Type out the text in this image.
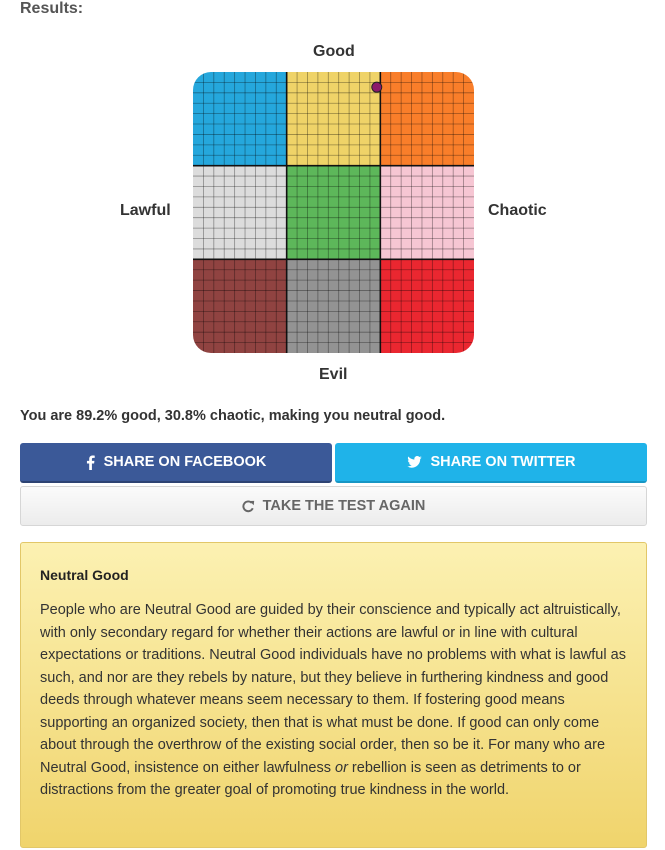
Results:
Good
Lawful	Chaotic
Evil
You are 89.2% good, 30.8% chaotic, making you neutral good.
SHARE ON FACEBOOK	SHARE ON TWITTER
TAKE THE TEST AGAIN
Neutral Good

People who are Neutral Good are guided by their conscience and typically act altruistically, with only secondary regard for whether their actions are lawful or in line with cultural expectations or traditions. Neutral Good individuals have no problems with what is lawful as such, and nor are they rebels by nature, but they believe in furthering kindness and good deeds through whatever means seem necessary to them. If fostering good means supporting an organized society, then that is what must be done. If good can only come about through the overthrow of the existing social order, then so be it. For many who are Neutral Good, insistence on either lawfulness or rebellion is seen as detriments to or distractions from the greater goal of promoting true kindness in the world.
